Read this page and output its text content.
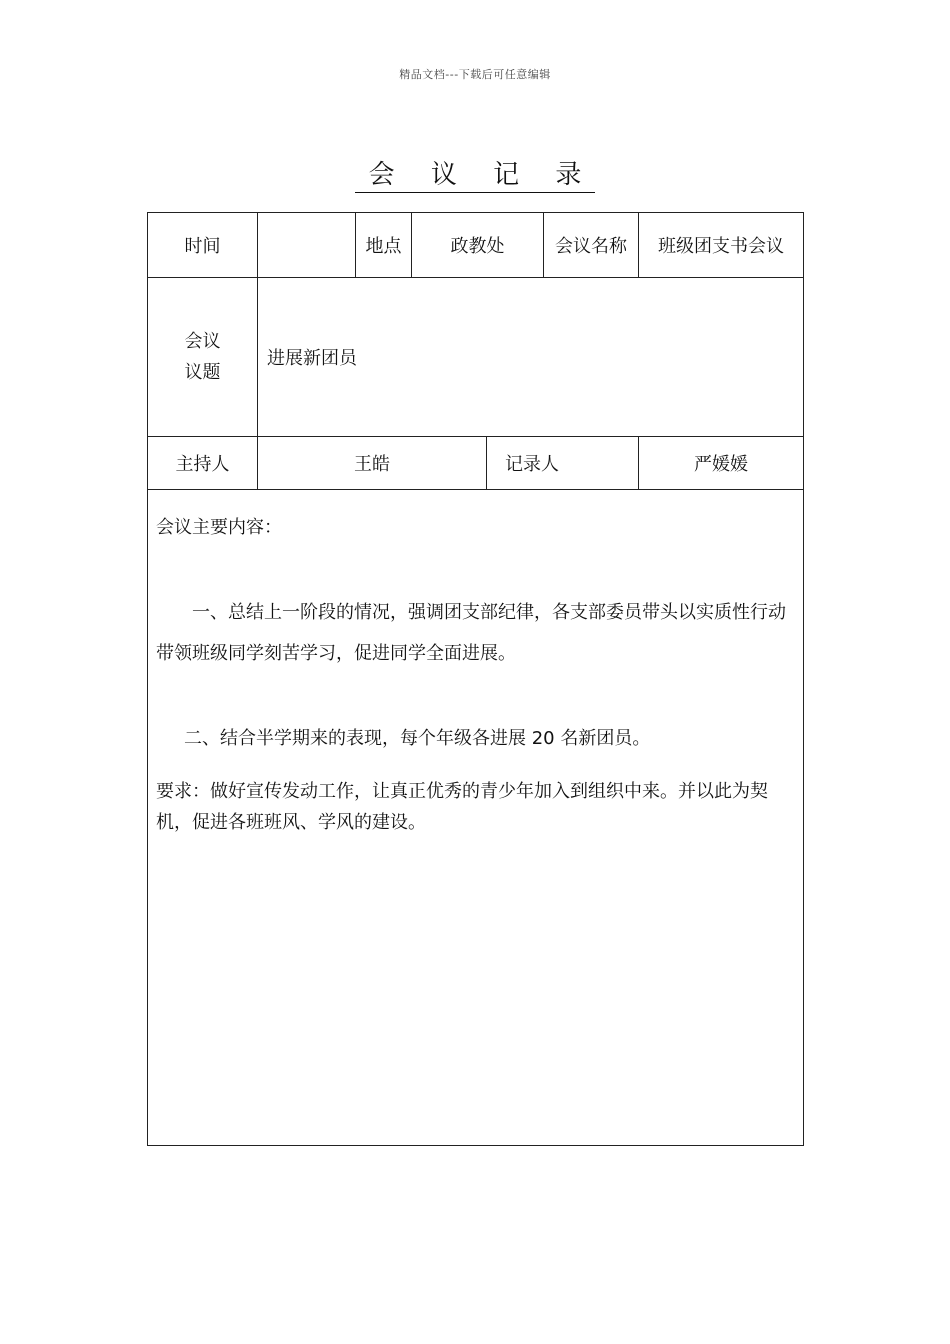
精品文档---下载后可任意编辑
会 议 记 录
时间		地点	政教处		会议名称	班级团支书会议

会议
议题	进展新团员					
主持人	王皓			记录人		严媛媛

会议主要内容：
一、总结上一阶段的情况，强调团支部纪律，各支部委员带头以实质性行动带领班级同学刻苦学习，促进同学全面进展。
二、结合半学期来的表现，每个年级各进展 20 名新团员。
要求：做好宣传发动工作，让真正优秀的青少年加入到组织中来。并以此为契机，促进各班班风、学风的建设。						
